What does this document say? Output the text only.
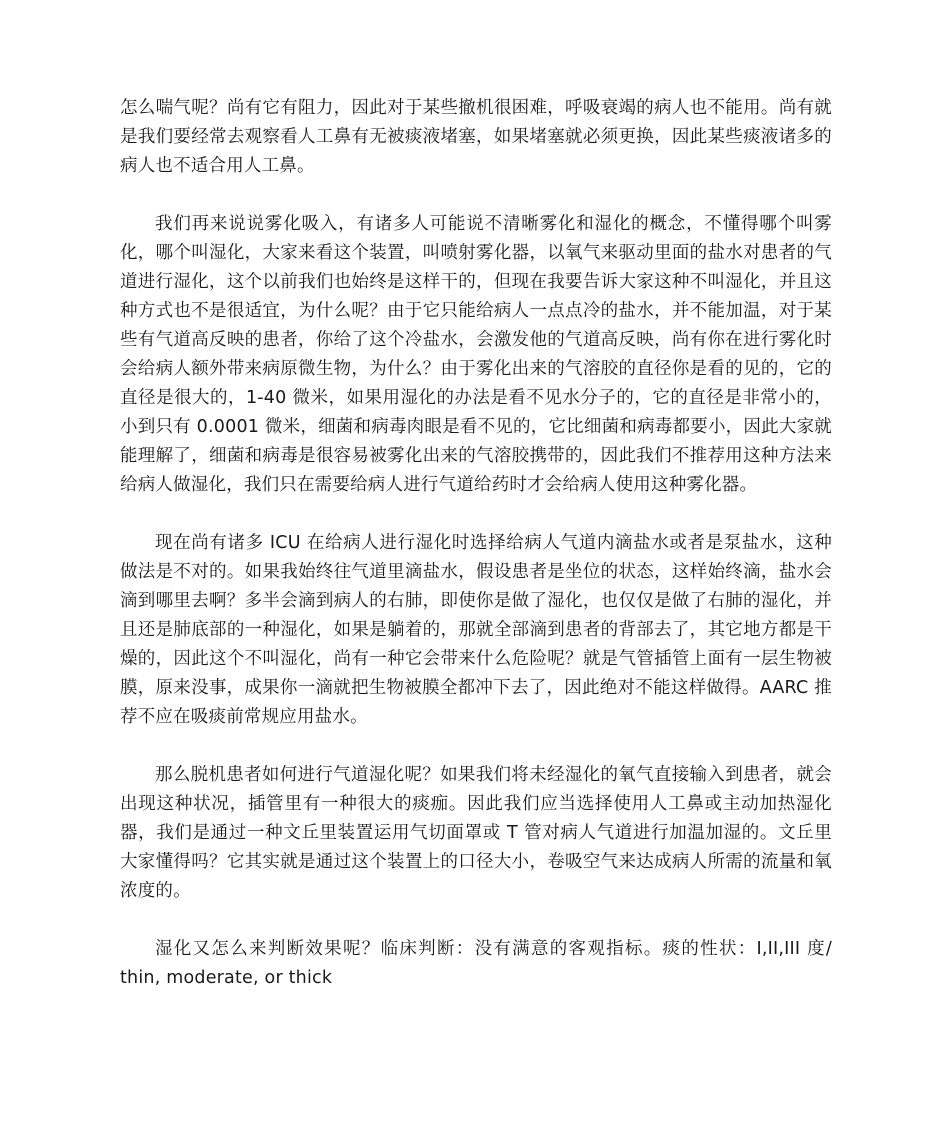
怎么喘气呢？尚有它有阻力，因此对于某些撤机很困难，呼吸衰竭的病人也不能用。尚有就是我们要经常去观察看人工鼻有无被痰液堵塞，如果堵塞就必须更换，因此某些痰液诸多的病人也不适合用人工鼻。

我们再来说说雾化吸入，有诸多人可能说不清晰雾化和湿化的概念，不懂得哪个叫雾化，哪个叫湿化，大家来看这个装置，叫喷射雾化器，以氧气来驱动里面的盐水对患者的气道进行湿化，这个以前我们也始终是这样干的，但现在我要告诉大家这种不叫湿化，并且这种方式也不是很适宜，为什么呢？由于它只能给病人一点点冷的盐水，并不能加温，对于某些有气道高反映的患者，你给了这个冷盐水，会激发他的气道高反映，尚有你在进行雾化时会给病人额外带来病原微生物，为什么？由于雾化出来的气溶胶的直径你是看的见的，它的直径是很大的，1-40 微米，如果用湿化的办法是看不见水分子的，它的直径是非常小的，小到只有 0.0001 微米，细菌和病毒肉眼是看不见的，它比细菌和病毒都要小，因此大家就能理解了，细菌和病毒是很容易被雾化出来的气溶胶携带的，因此我们不推荐用这种方法来给病人做湿化，我们只在需要给病人进行气道给药时才会给病人使用这种雾化器。

现在尚有诸多 ICU 在给病人进行湿化时选择给病人气道内滴盐水或者是泵盐水，这种做法是不对的。如果我始终往气道里滴盐水，假设患者是坐位的状态，这样始终滴，盐水会滴到哪里去啊？多半会滴到病人的右肺，即使你是做了湿化，也仅仅是做了右肺的湿化，并且还是肺底部的一种湿化，如果是躺着的，那就全部滴到患者的背部去了，其它地方都是干燥的，因此这个不叫湿化，尚有一种它会带来什么危险呢？就是气管插管上面有一层生物被膜，原来没事，成果你一滴就把生物被膜全都冲下去了，因此绝对不能这样做得。AARC 推荐不应在吸痰前常规应用盐水。

那么脱机患者如何进行气道湿化呢？如果我们将未经湿化的氧气直接输入到患者，就会出现这种状况，插管里有一种很大的痰痂。因此我们应当选择使用人工鼻或主动加热湿化器，我们是通过一种文丘里装置运用气切面罩或 T 管对病人气道进行加温加湿的。文丘里大家懂得吗？它其实就是通过这个装置上的口径大小，卷吸空气来达成病人所需的流量和氧浓度的。

湿化又怎么来判断效果呢？临床判断：没有满意的客观指标。痰的性状：I,II,III 度/ thin, moderate, or thick
